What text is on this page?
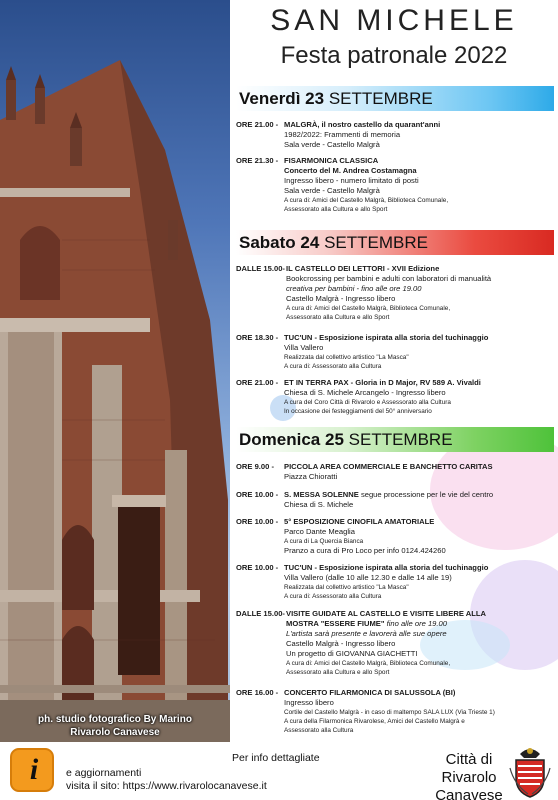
ph. studio fotografico By Marino
Rivarolo Canavese
SAN MICHELE
Festa patronale 2022
Venerdì 23 SETTEMBRE
ORE 21.00 - MALGRÀ, il nostro castello da quarant'anni
1982/2022: Frammenti di memoria
Sala verde - Castello Malgrà
ORE 21.30 - FISARMONICA CLASSICA
Concerto del M. Andrea Costamagna
Ingresso libero - numero limitato di posti
Sala verde - Castello Malgrà
A cura di: Amici del Castello Malgrà, Biblioteca Comunale,
Assessorato alla Cultura e allo Sport
Sabato 24 SETTEMBRE
DALLE 15.00- IL CASTELLO DEI LETTORI - XVII Edizione
Bookcrossing per bambini e adulti con laboratori di manualità
creativa per bambini - fino alle ore 19.00
Castello Malgrà - Ingresso libero
A cura di: Amici del Castello Malgrà, Biblioteca Comunale,
Assessorato alla Cultura e allo Sport
ORE 18.30 - TUC'UN - Esposizione ispirata alla storia del tuchinaggio
Villa Vallero
Realizzata dal collettivo artistico "La Masca"
A cura di: Assessorato alla Cultura
ORE 21.00 - ET IN TERRA PAX - Gloria in D Major, RV 589 A. Vivaldi
Chiesa di S. Michele Arcangelo - Ingresso libero
A cura del Coro Città di Rivarolo e Assessorato alla Cultura
In occasione dei festeggiamenti del 50° anniversario
Domenica 25 SETTEMBRE
ORE 9.00 - PICCOLA AREA COMMERCIALE E BANCHETTO CARITAS
Piazza Chioratti
ORE 10.00 - S. MESSA SOLENNE segue processione per le vie del centro
Chiesa di S. Michele
ORE 10.00 - 5° ESPOSIZIONE CINOFILA AMATORIALE
Parco Dante Meaglia
A cura di La Quercia Bianca
Pranzo a cura di Pro Loco per info 0124.424260
ORE 10.00 - TUC'UN - Esposizione ispirata alla storia del tuchinaggio
Villa Vallero (dalle 10 alle 12.30 e dalle 14 alle 19)
Realizzata dal collettivo artistico "La Masca"
A cura di: Assessorato alla Cultura
DALLE 15.00- VISITE GUIDATE AL CASTELLO E VISITE LIBERE ALLA
MOSTRA "ESSERE FIUME" fino alle ore 19.00
L'artista sarà presente e lavorerà alle sue opere
Castello Malgrà - Ingresso libero
Un progetto di GIOVANNA GIACHETTI
A cura di: Amici del Castello Malgrà, Biblioteca Comunale,
Assessorato alla Cultura e allo Sport
ORE 16.00 - CONCERTO FILARMONICA DI SALUSSOLA (BI)
Ingresso libero
Cortile del Castello Malgrà - in caso di maltempo SALA LUX (Via Trieste 1)
A cura della Filarmonica Rivarolese, Amici del Castello Malgrà e
Assessorato alla Cultura
i	Per info dettagliate
e aggiornamenti
visita il sito: https://www.rivarolocanavese.it
Città di
Rivarolo Canavese
